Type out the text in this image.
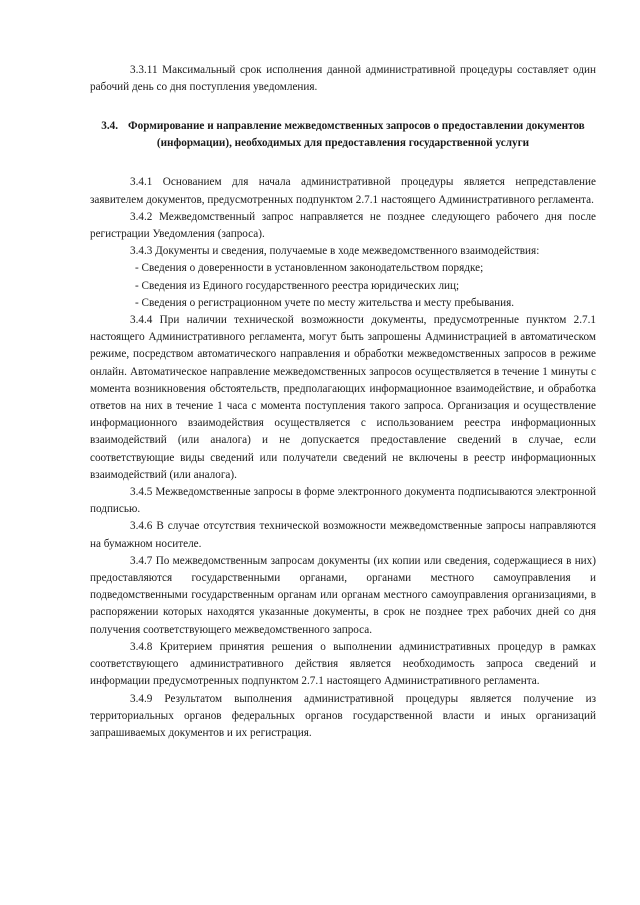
3.3.11 Максимальный срок исполнения данной административной процедуры составляет один рабочий день со дня поступления уведомления.

3.4. Формирование и направление межведомственных запросов о предоставлении документов (информации), необходимых для предоставления государственной услуги

3.4.1 Основанием для начала административной процедуры является непредставление заявителем документов, предусмотренных подпунктом 2.7.1 настоящего Административного регламента.

3.4.2 Межведомственный запрос направляется не позднее следующего рабочего дня после регистрации Уведомления (запроса).

3.4.3 Документы и сведения, получаемые в ходе межведомственного взаимодействия:

- Сведения о доверенности в установленном законодательством порядке;

- Сведения из Единого государственного реестра юридических лиц;

- Сведения о регистрационном учете по месту жительства и месту пребывания.

3.4.4 При наличии технической возможности документы, предусмотренные пунктом 2.7.1 настоящего Административного регламента, могут быть запрошены Администрацией в автоматическом режиме, посредством автоматического направления и обработки межведомственных запросов в режиме онлайн. Автоматическое направление межведомственных запросов осуществляется в течение 1 минуты с момента возникновения обстоятельств, предполагающих информационное взаимодействие, и обработка ответов на них в течение 1 часа с момента поступления такого запроса. Организация и осуществление информационного взаимодействия осуществляется с использованием реестра информационных взаимодействий (или аналога) и не допускается предоставление сведений в случае, если соответствующие виды сведений или получатели сведений не включены в реестр информационных взаимодействий (или аналога).

3.4.5 Межведомственные запросы в форме электронного документа подписываются электронной подписью.

3.4.6 В случае отсутствия технической возможности межведомственные запросы направляются на бумажном носителе.

3.4.7 По межведомственным запросам документы (их копии или сведения, содержащиеся в них) предоставляются государственными органами, органами местного самоуправления и подведомственными государственным органам или органам местного самоуправления организациями, в распоряжении которых находятся указанные документы, в срок не позднее трех рабочих дней со дня получения соответствующего межведомственного запроса.

3.4.8 Критерием принятия решения о выполнении административных процедур в рамках соответствующего административного действия является необходимость запроса сведений и информации предусмотренных подпунктом 2.7.1 настоящего Административного регламента.

3.4.9 Результатом выполнения административной процедуры является получение из территориальных органов федеральных органов государственной власти и иных организаций запрашиваемых документов и их регистрация.
